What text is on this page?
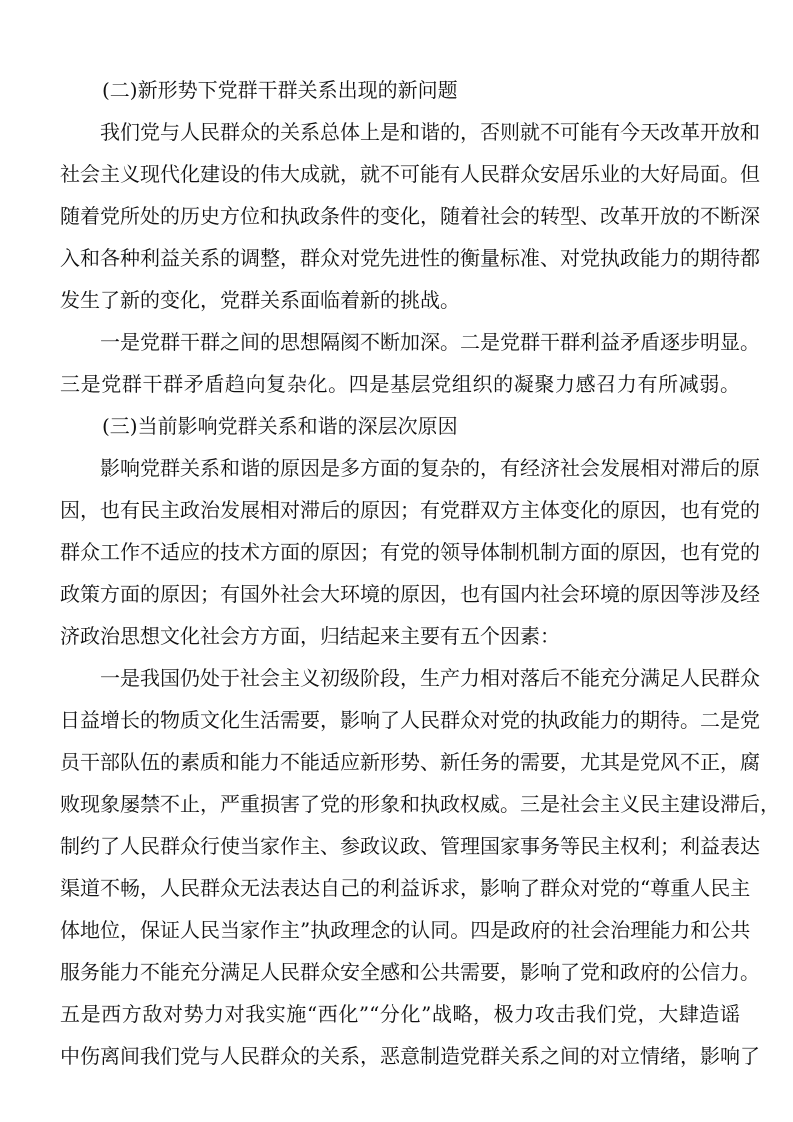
(二)新形势下党群干群关系出现的新问题
我们党与人民群众的关系总体上是和谐的，否则就不可能有今天改革开放和
社会主义现代化建设的伟大成就，就不可能有人民群众安居乐业的大好局面。但
随着党所处的历史方位和执政条件的变化，随着社会的转型、改革开放的不断深
入和各种利益关系的调整，群众对党先进性的衡量标准、对党执政能力的期待都
发生了新的变化，党群关系面临着新的挑战。
一是党群干群之间的思想隔阂不断加深。二是党群干群利益矛盾逐步明显。
三是党群干群矛盾趋向复杂化。四是基层党组织的凝聚力感召力有所减弱。
(三)当前影响党群关系和谐的深层次原因
影响党群关系和谐的原因是多方面的复杂的，有经济社会发展相对滞后的原
因，也有民主政治发展相对滞后的原因；有党群双方主体变化的原因，也有党的
群众工作不适应的技术方面的原因；有党的领导体制机制方面的原因，也有党的
政策方面的原因；有国外社会大环境的原因，也有国内社会环境的原因等涉及经
济政治思想文化社会方方面，归结起来主要有五个因素：
一是我国仍处于社会主义初级阶段，生产力相对落后不能充分满足人民群众
日益增长的物质文化生活需要，影响了人民群众对党的执政能力的期待。二是党
员干部队伍的素质和能力不能适应新形势、新任务的需要，尤其是党风不正，腐
败现象屡禁不止，严重损害了党的形象和执政权威。三是社会主义民主建设滞后，
制约了人民群众行使当家作主、参政议政、管理国家事务等民主权利；利益表达
渠道不畅，人民群众无法表达自己的利益诉求，影响了群众对党的“尊重人民主
体地位，保证人民当家作主”执政理念的认同。四是政府的社会治理能力和公共
服务能力不能充分满足人民群众安全感和公共需要，影响了党和政府的公信力。
五是西方敌对势力对我实施“西化”“分化”战略，极力攻击我们党，大肆造谣
中伤离间我们党与人民群众的关系，恶意制造党群关系之间的对立情绪，影响了
